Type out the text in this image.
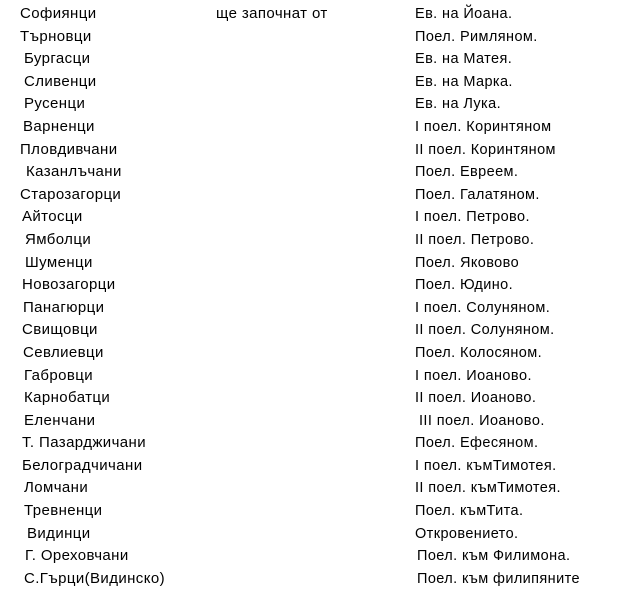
Софиянци
Търновци
Бургасци
Сливенци
Русенци
Варненци
Пловдивчани
Казанлъчани
Старозагорци
Айтосци
Ямболци
Шуменци
Новозагорци
Панагюрци
Свищовци
Севлиевци
Габровци
Карнобатци
Еленчани
Т. Пазарджичани
Белоградчичани
Ломчани
Тревненци
Видинци
Г. Ореховчани
С.Гърци(Видинско)
ще започнат от	Ев. на Йоана.
Поел. Римляном.
Ев. на Матея.
Ев. на Марка.
Ев. на Лука.
I поел. Коринтяном
II поел. Коринтяном
Поел. Евреем.
Поел. Галатяном.
I поел. Петрово.
II поел. Петрово.
Поел. Яковово
Поел. Юдино.
I поел. Солуняном.
II поел. Солуняном.
Поел. Колосяном.
I поел. Иоановo.
II поел. Иоановo.
III поел. Иоановo.
Поел. Ефесяном.
I поел. къмТимотея.
II поел. къмТимотея.
Поел. къмТита.
Откровението.
Поел. към Филимона.
Поел. към филипяните
